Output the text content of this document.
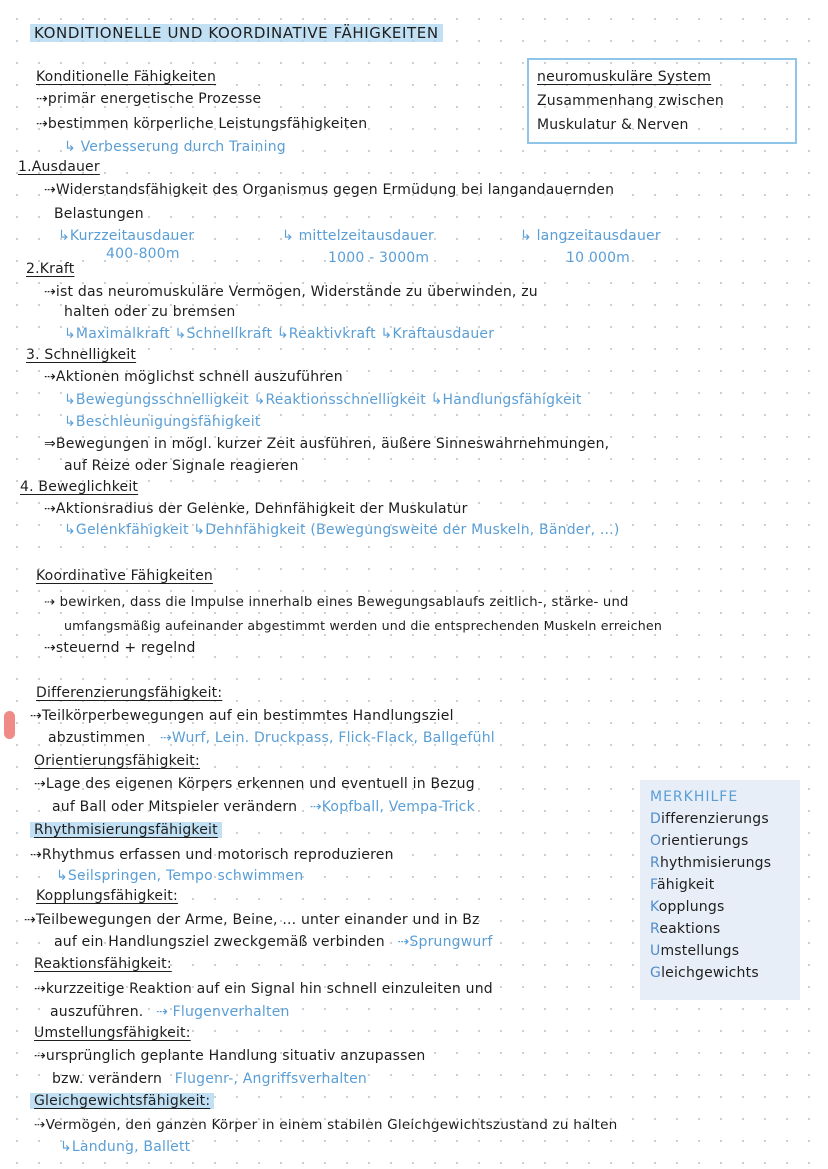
KONDITIONELLE UND KOORDINATIVE FÄHIGKEITEN
neuromuskuläre System
Zusammenhang zwischen
Muskulatur & Nerven
Konditionelle Fähigkeiten
⇢primär energetische Prozesse
⇢bestimmen körperliche Leistungsfähigkeiten
↳ Verbesserung durch Training
1.Ausdauer
⇢Widerstandsfähigkeit des Organismus gegen Ermüdung bei langandauernden
Belastungen
↳Kurzzeitausdauer
400-800m
↳ mittelzeitausdauer
1000 - 3000m
↳ langzeitausdauer
10 000m
2.Kraft
⇢ist das neuromuskuläre Vermögen, Widerstände zu überwinden, zu
halten oder zu bremsen
↳Maximalkraft ↳Schnellkraft ↳Reaktivkraft ↳Kraftausdauer
3. Schnelligkeit
⇢Aktionen möglichst schnell auszuführen
↳Bewegungsschnelligkeit ↳Reaktionsschnelligkeit ↳Handlungsfähigkeit
↳Beschleunigungsfähigkeit
⇒Bewegungen in mögl. kurzer Zeit ausführen, äußere Sinneswahrnehmungen,
auf Reize oder Signale reagieren
4. Beweglichkeit
⇢Aktionsradius der Gelenke, Dehnfähigkeit der Muskulatur
↳Gelenkfähigkeit ↳Dehnfähigkeit (Bewegungsweite der Muskeln, Bänder, ...)
Koordinative Fähigkeiten
⇢ bewirken, dass die Impulse innerhalb eines Bewegungsablaufs zeitlich-, stärke- und
umfangsmäßig aufeinander abgestimmt werden und die entsprechenden Muskeln erreichen
⇢steuernd + regelnd
Differenzierungsfähigkeit:
⇢Teilkörperbewegungen auf ein bestimmtes Handlungsziel
abzustimmen ⇢Wurf, Lein. Druckpass, Flick-Flack, Ballgefühl
Orientierungsfähigkeit:
⇢Lage des eigenen Körpers erkennen und eventuell in Bezug
auf Ball oder Mitspieler verändern ⇢Kopfball, Vempa-Trick
Rhythmisierungsfähigkeit
⇢Rhythmus erfassen und motorisch reproduzieren
↳Seilspringen, Tempo schwimmen
Kopplungsfähigkeit:
⇢Teilbewegungen der Arme, Beine, ... unter einander und in Bz
auf ein Handlungsziel zweckgemäß verbinden ⇢Sprungwurf
Reaktionsfähigkeit:
⇢kurzzeitige Reaktion auf ein Signal hin schnell einzuleiten und
auszuführen. ⇢ Flugenverhalten
Umstellungsfähigkeit:
⇢ursprünglich geplante Handlung situativ anzupassen
bzw. verändern Flugenr-, Angriffsverhalten
Gleichgewichtsfähigkeit:
⇢Vermögen, den ganzen Körper in einem stabilen Gleichgewichtszustand zu halten
↳Landung, Ballett
MERKHILFE
Differenzierungs
Orientierungs
Rhythmisierungs
Fähigkeit
Kopplungs
Reaktions
Umstellungs
Gleichgewichts
